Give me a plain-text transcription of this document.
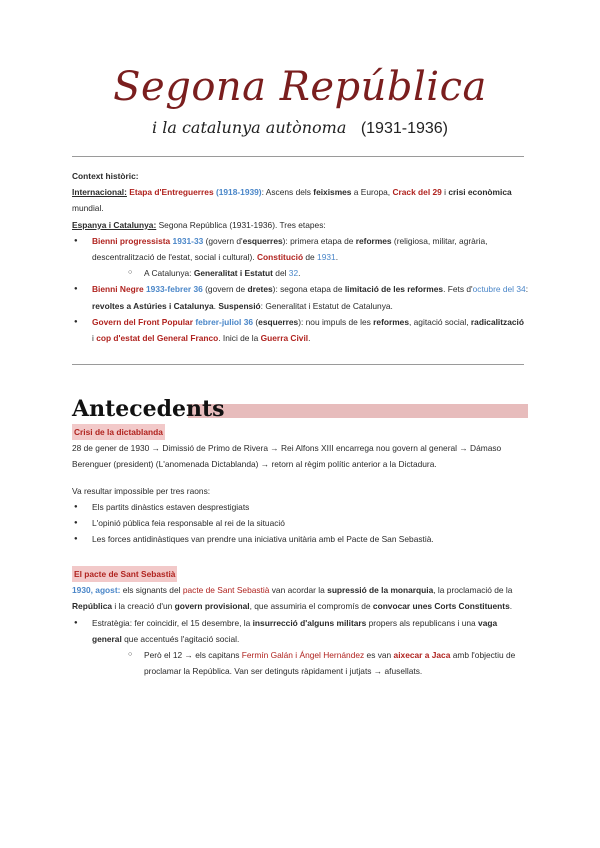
Segona República
i la catalunya autònoma (1931-1936)

Context històric:

Internacional: Etapa d'Entreguerres (1918-1939): Ascens dels feixismes a Europa, Crack del 29 i crisi econòmica mundial.

Espanya i Catalunya: Segona República (1931-1936). Tres etapes:

● Bienni progressista 1931-33 (govern d'esquerres): primera etapa de reformes (religiosa, militar, agrària, descentralització de l'estat, social i cultural). Constitució de 1931.

○ A Catalunya: Generalitat i Estatut del 32.

● Bienni Negre 1933-febrer 36 (govern de dretes): segona etapa de limitació de les reformes. Fets d'octubre del 34: revoltes a Astúries i Catalunya. Suspensió: Generalitat i Estatut de Catalunya.

● Govern del Front Popular febrer-juliol 36 (esquerres): nou impuls de les reformes, agitació social, radicalització i cop d'estat del General Franco. Inici de la Guerra Civil.

Antecedents

Crisi de la dictablanda

28 de gener de 1930 → Dimissió de Primo de Rivera → Rei Alfons XIII encarrega nou govern al general → Dámaso Berenguer (president) (L'anomenada Dictablanda) → retorn al règim polític anterior a la Dictadura.

Va resultar impossible per tres raons:

● Els partits dinàstics estaven desprestigiats

● L'opinió pública feia responsable al rei de la situació

● Les forces antidinàstiques van prendre una iniciativa unitària amb el Pacte de San Sebastià.

El pacte de Sant Sebastià

1930, agost: els signants del pacte de Sant Sebastià van acordar la supressió de la monarquia, la proclamació de la República i la creació d'un govern provisional, que assumiria el compromís de convocar unes Corts Constituents.

● Estratègia: fer coincidir, el 15 desembre, la insurrecció d'alguns militars propers als republicans i una vaga general que accentués l'agitació social.

○ Però el 12 → els capitans Fermín Galán i Ángel Hernández es van aixecar a Jaca amb l'objectiu de proclamar la República. Van ser detinguts ràpidament i jutjats → afusellats.
